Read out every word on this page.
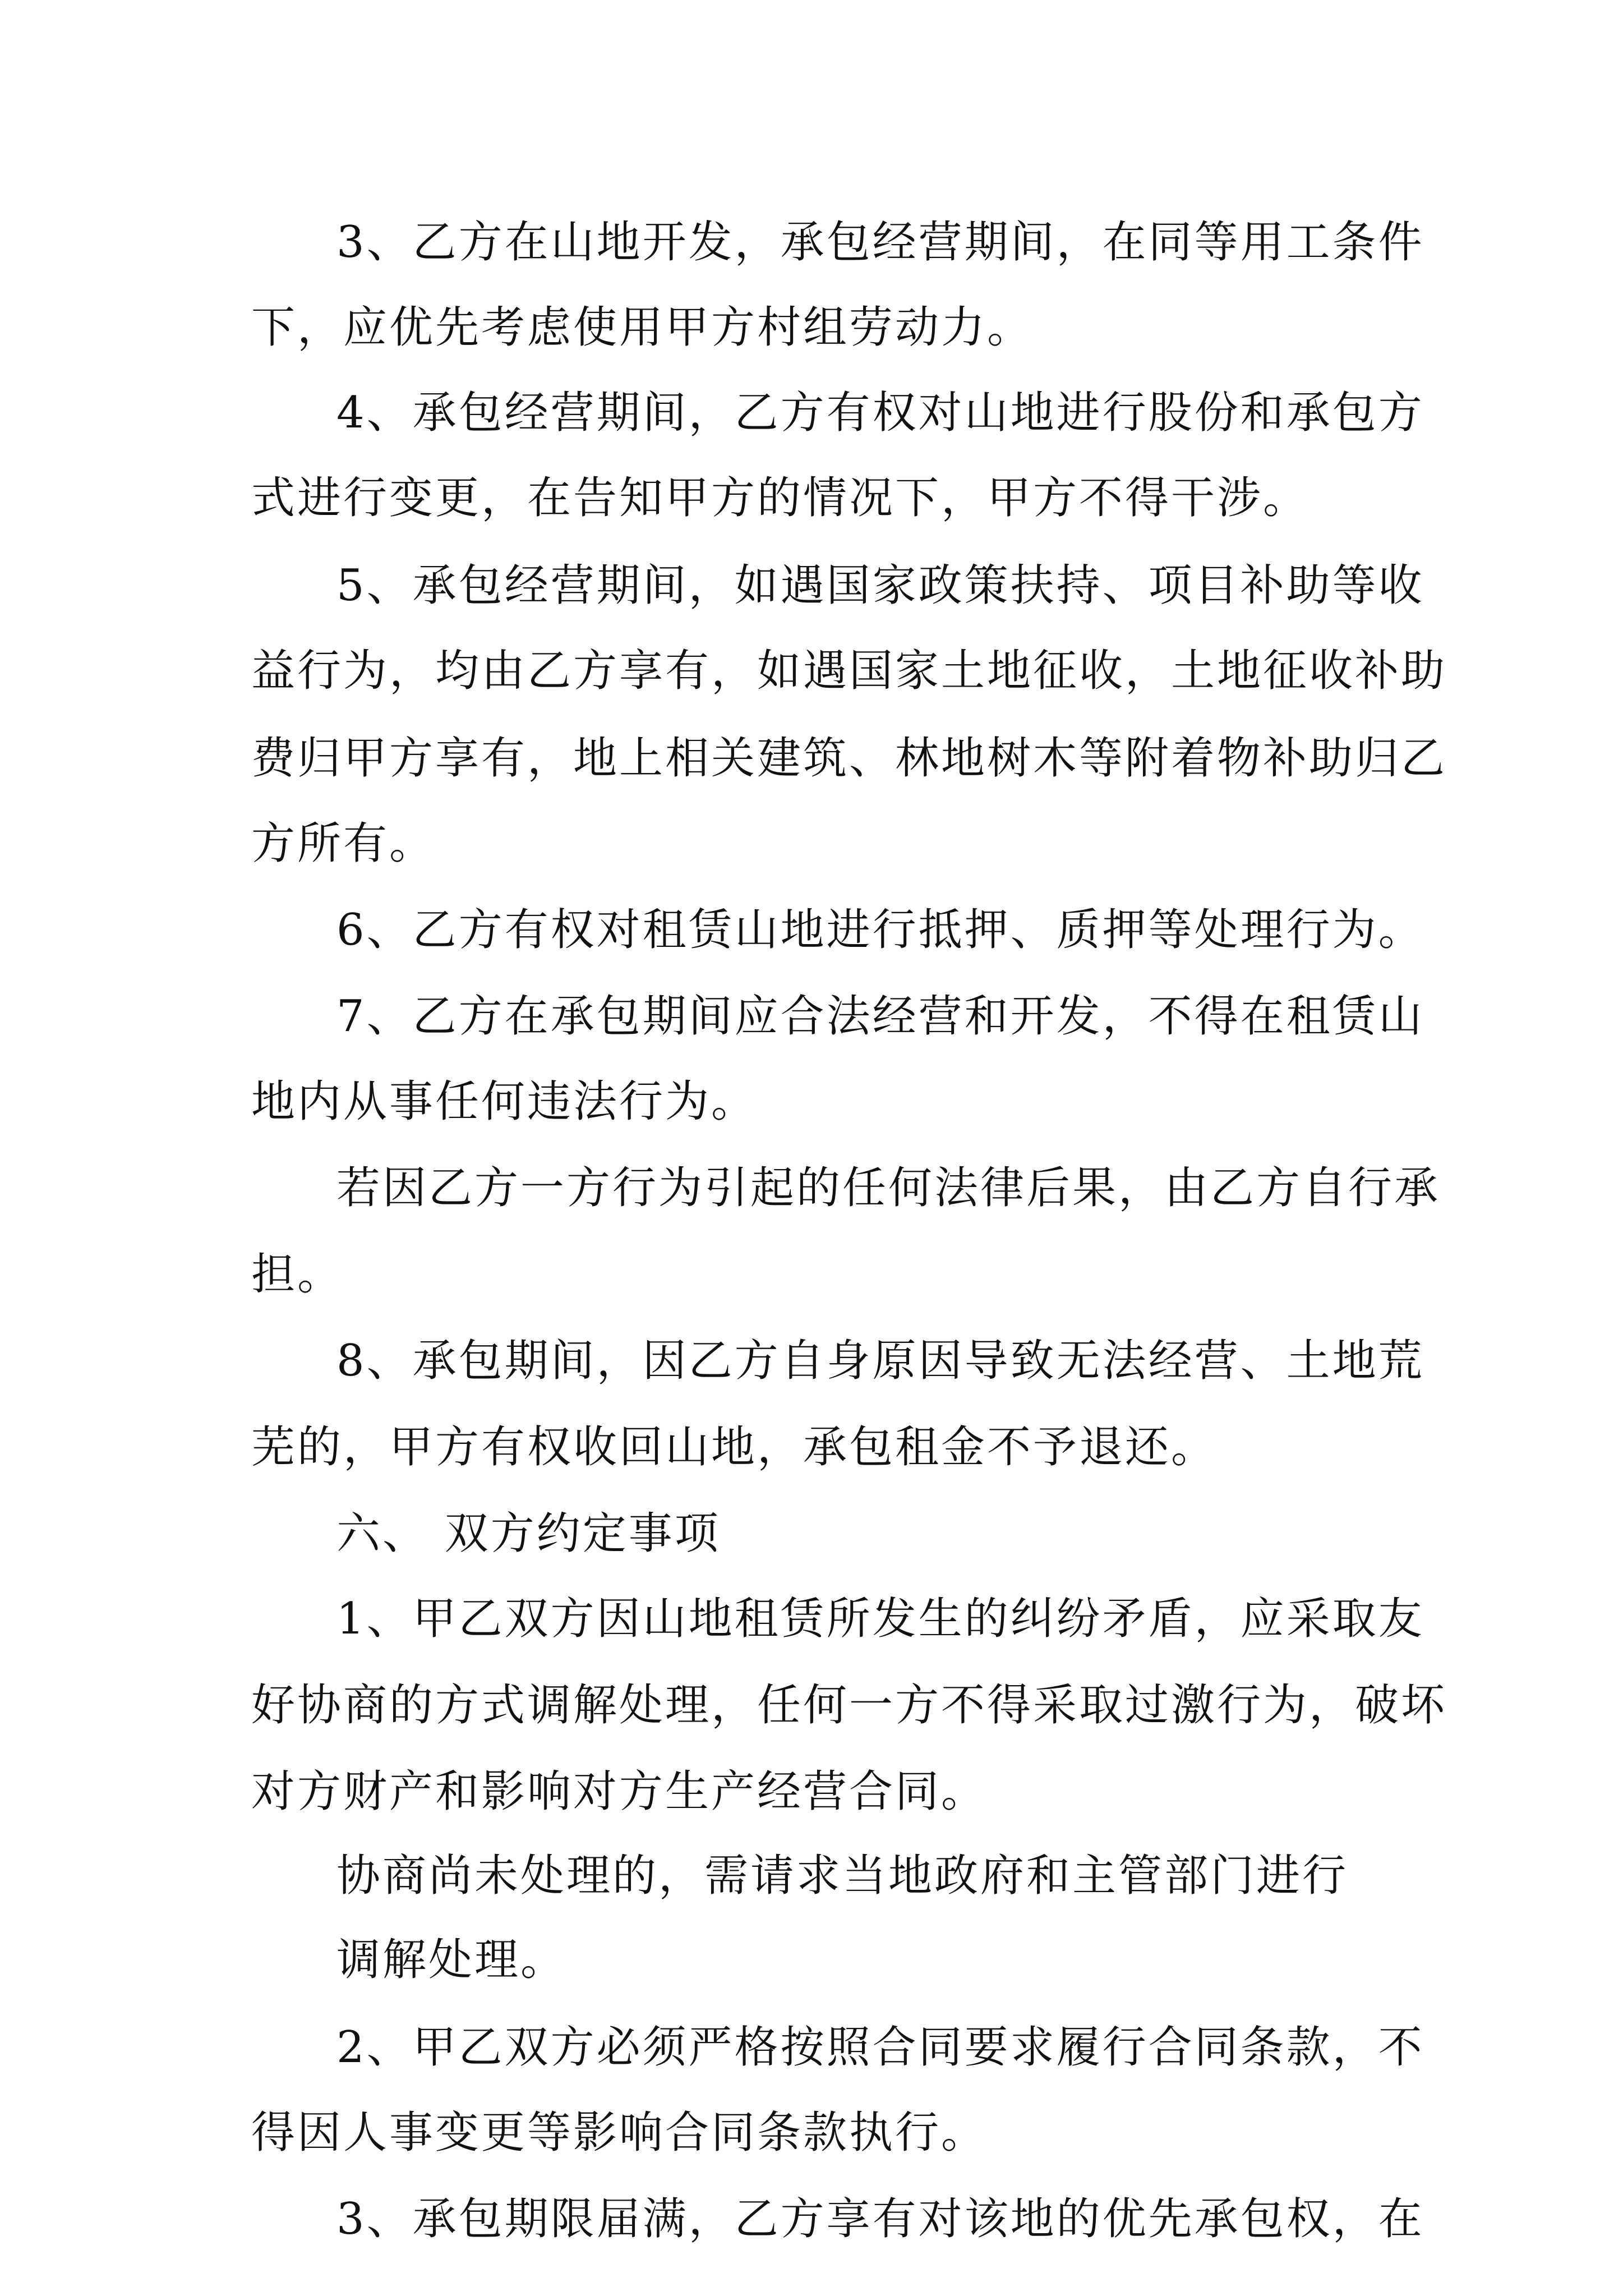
3、乙方在山地开发，承包经营期间，在同等用工条件
下，应优先考虑使用甲方村组劳动力。
4、承包经营期间，乙方有权对山地进行股份和承包方
式进行变更，在告知甲方的情况下，甲方不得干涉。
5、承包经营期间，如遇国家政策扶持、项目补助等收
益行为，均由乙方享有，如遇国家土地征收，土地征收补助
费归甲方享有，地上相关建筑、林地树木等附着物补助归乙
方所有。
6、乙方有权对租赁山地进行抵押、质押等处理行为。
7、乙方在承包期间应合法经营和开发，不得在租赁山
地内从事任何违法行为。
若因乙方一方行为引起的任何法律后果，由乙方自行承
担。
8、承包期间，因乙方自身原因导致无法经营、土地荒
芜的，甲方有权收回山地，承包租金不予退还。
六、 双方约定事项
1、甲乙双方因山地租赁所发生的纠纷矛盾，应采取友
好协商的方式调解处理，任何一方不得采取过激行为，破坏
对方财产和影响对方生产经营合同。
协商尚未处理的，需请求当地政府和主管部门进行
调解处理。
2、甲乙双方必须严格按照合同要求履行合同条款，不
得因人事变更等影响合同条款执行。
3、承包期限届满，乙方享有对该地的优先承包权，在
